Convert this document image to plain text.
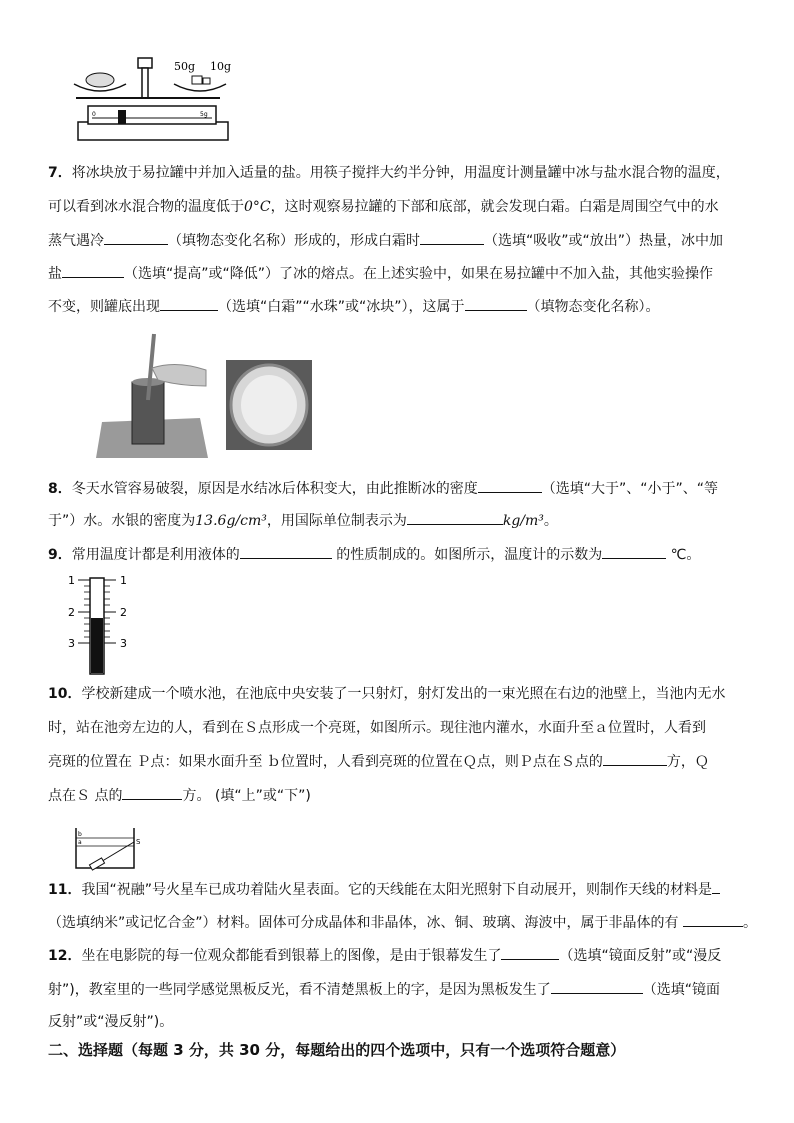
50g 10g
0	5g
7．将冰块放于易拉罐中并加入适量的盐。用筷子搅拌大约半分钟，用温度计测量罐中冰与盐水混合物的温度，
可以看到冰水混合物的温度低于0°C，这时观察易拉罐的下部和底部，就会发现白霜。白霜是周围空气中的水
蒸气遇冷	（填物态变化名称）形成的，形成白霜时	（选填“吸收”或“放出”）热量，冰中加
盐	（选填“提高”或“降低”）了冰的熔点。在上述实验中，如果在易拉罐中不加入盐，其他实验操作
不变，则罐底出现	（选填“白霜”“水珠”或“冰块”），这属于	（填物态变化名称）。
8．冬天水管容易破裂，原因是水结冰后体积变大，由此推断冰的密度	（选填“大于”、“小于”、“等
于”）水。水银的密度为13.6g/cm³，用国际单位制表示为	kg/m³。
9．常用温度计都是利用液体的	的性质制成的。如图所示，温度计的示数为	℃。
1	1
2	2
3	3
10．学校新建成一个喷水池，在池底中央安装了一只射灯，射灯发出的一束光照在右边的池壁上，当池内无水
时，站在池旁左边的人，看到在Ｓ点形成一个亮斑，如图所示。现往池内灌水，水面升至ａ位置时，人看到
亮斑的位置在 Ｐ点：如果水面升至 ｂ位置时，人看到亮斑的位置在Ｑ点，则Ｐ点在Ｓ点的	方，Ｑ
点在Ｓ 点的	方。 (填“上”或“下”)
b
a	S
11．我国“祝融”号火星车已成功着陆火星表面。它的天线能在太阳光照射下自动展开，则制作天线的材料是
（选填纳米”或记忆合金”）材料。固体可分成晶体和非晶体，冰、铜、玻璃、海波中，属于非晶体的有	。
12．坐在电影院的每一位观众都能看到银幕上的图像，是由于银幕发生了	（选填“镜面反射”或“漫反
射”)，教室里的一些同学感觉黑板反光，看不清楚黑板上的字，是因为黑板发生了	（选填“镜面
反射”或“漫反射”)。
二、选择题（每题 3 分，共 30 分，每题给出的四个选项中，只有一个选项符合题意）
